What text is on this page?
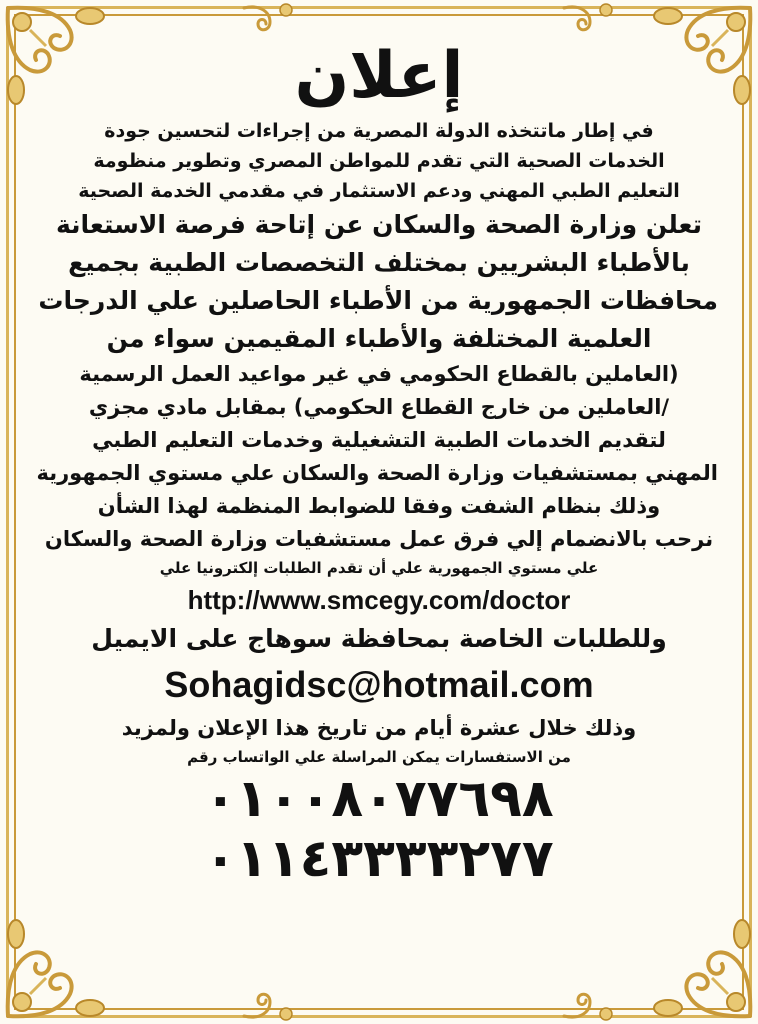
إعلان

في إطار ماتتخذه الدولة المصرية من إجراءات لتحسين جودة

الخدمات الصحية التي تقدم للمواطن المصري وتطوير منظومة

التعليم الطبي المهني ودعم الاستثمار في مقدمي الخدمة الصحية

تعلن وزارة الصحة والسكان عن إتاحة فرصة الاستعانة

بالأطباء البشريين بمختلف التخصصات الطبية بجميع

محافظات الجمهورية من الأطباء الحاصلين علي الدرجات

العلمية المختلفة والأطباء المقيمين سواء من

(العاملين بالقطاع الحكومي في غير مواعيد العمل الرسمية

/العاملين من خارج القطاع الحكومي) بمقابل مادي مجزي

لتقديم الخدمات الطبية التشغيلية وخدمات التعليم الطبي

المهني بمستشفيات وزارة الصحة والسكان علي مستوي الجمهورية

وذلك بنظام الشفت وفقا للضوابط المنظمة لهذا الشأن

نرحب بالانضمام إلي فرق عمل مستشفيات وزارة الصحة والسكان

علي مستوي الجمهورية علي أن تقدم الطلبات إلكترونيا علي

http://www.smcegy.com/doctor

وللطلبات الخاصة بمحافظة سوهاج على الايميل

Sohagidsc@hotmail.com

وذلك خلال عشرة أيام من تاريخ هذا الإعلان ولمزيد

من الاستفسارات يمكن المراسلة علي الواتساب رقم

٠١٠٠٨٠٧٧٦٩٨

٠١١٤٣٣٣٣٢٧٧
